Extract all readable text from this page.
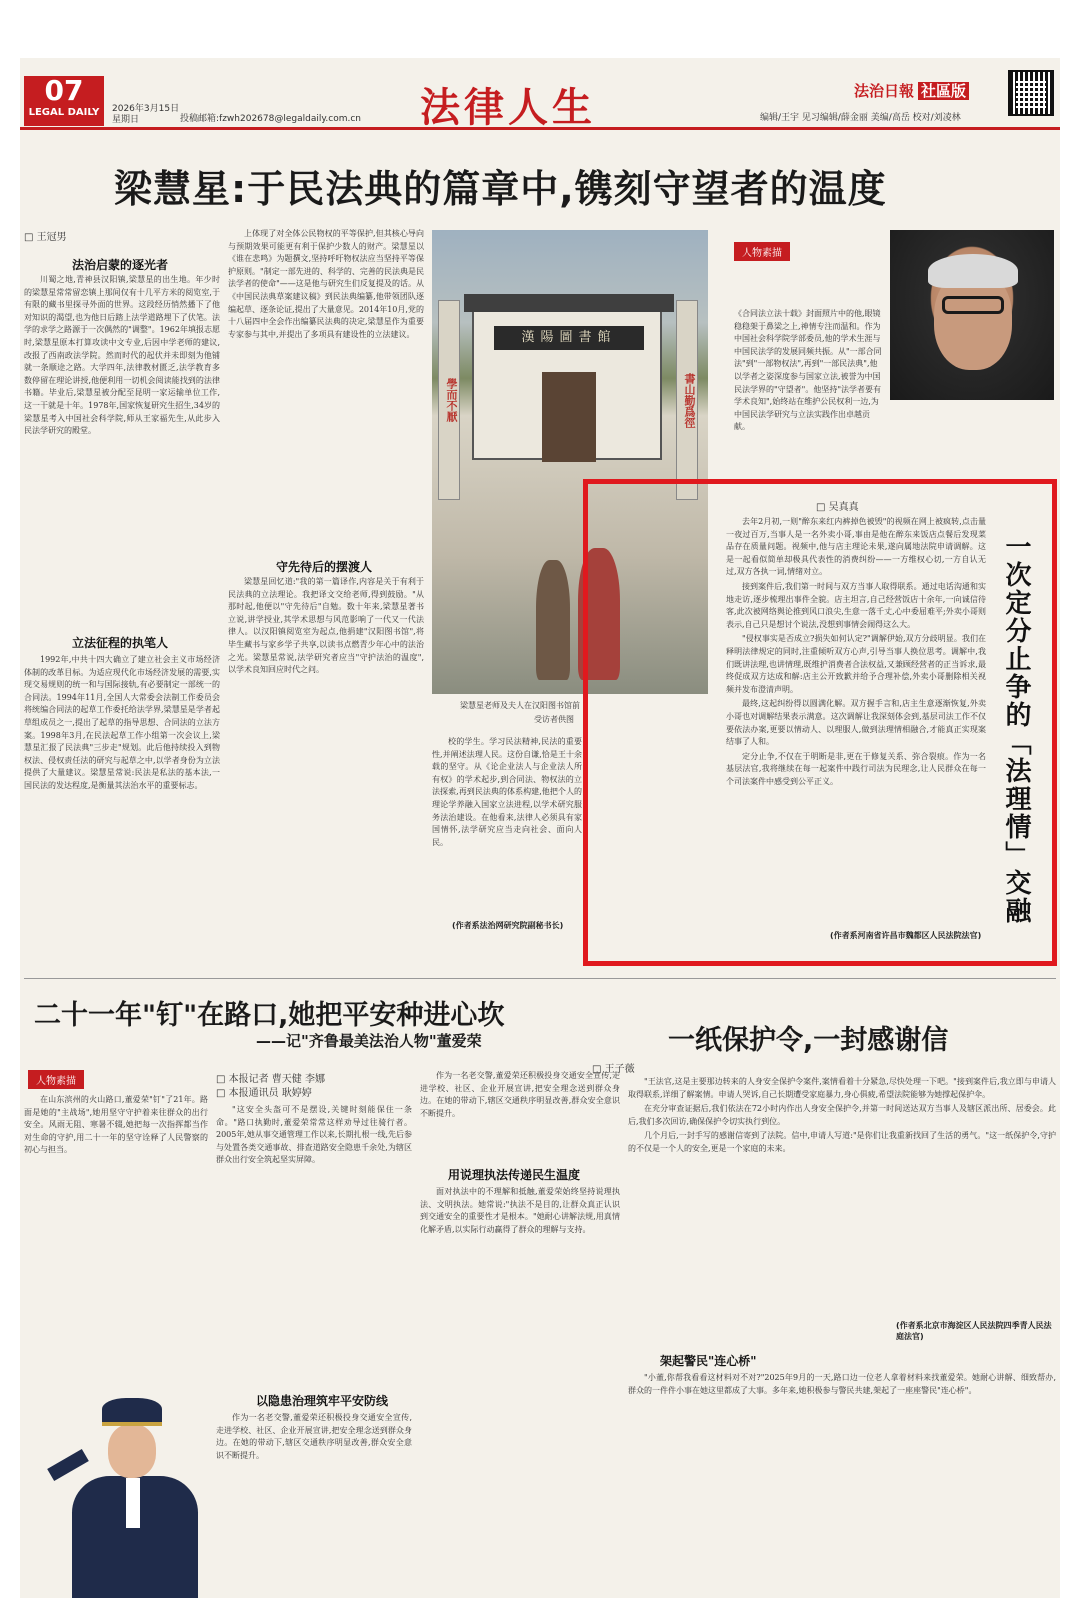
07
LEGAL DAILY	2026年3月15日
星期日	投稿邮箱:fzwh202678@legaldaily.com.cn 法律人生	法治日報 社區版
编辑/王宇 见习编辑/薛金丽 美编/高岳 校对/刘凌林
梁慧星:于民法典的篇章中,镌刻守望者的温度
□ 王冠男
法治启蒙的逐光者

川蜀之地,青神县汉阳镇,梁慧星的出生地。年少时的梁慧星常常留恋镇上那间仅有十几平方米的阅览室,于有限的藏书里探寻外面的世界。这段经历悄然播下了他对知识的渴望,也为他日后踏上法学道路埋下了伏笔。法学的求学之路源于一次偶然的"调整"。1962年填报志愿时,梁慧星原本打算攻读中文专业,后因中学老师的建议,改报了西南政法学院。然而时代的起伏并未即刻为他铺就一条顺途之路。大学四年,法律教材匮乏,法学教育多数停留在理论讲授,他便利用一切机会阅读能找到的法律书籍。毕业后,梁慧星被分配至昆明一家运输单位工作,这一干就是十年。1978年,国家恢复研究生招生,34岁的梁慧星考入中国社会科学院,师从王家福先生,从此步入民法学研究的殿堂。

立法征程的执笔人

1992年,中共十四大确立了建立社会主义市场经济体制的改革目标。为适应现代化市场经济发展的需要,实现交易规则的统一和与国际接轨,有必要制定一部统一的合同法。1994年11月,全国人大常委会法制工作委员会将统编合同法的起草工作委托给法学界,梁慧星是学者起草组成员之一,提出了起草的指导思想、合同法的立法方案。1998年3月,在民法起草工作小组第一次会议上,梁慧星汇报了民法典"三步走"规划。此后他持续投入到物权法、侵权责任法的研究与起草之中,以学者身份为立法提供了大量建议。梁慧星常说:民法是私法的基本法,一国民法的发达程度,是衡量其法治水平的重要标志。

上体现了对全体公民物权的平等保护,但其核心导向与预期效果可能更有利于保护少数人的财产。梁慧星以《谁在悲鸣》为题撰文,坚持呼吁物权法应当坚持平等保护原则。"制定一部先进的、科学的、完善的民法典是民法学者的使命"——这是他与研究生们反复提及的话。从《中国民法典草案建议稿》到民法典编纂,他带领团队逐编起草、逐条论证,提出了大量意见。2014年10月,党的十八届四中全会作出编纂民法典的决定,梁慧星作为重要专家参与其中,并提出了多项具有建设性的立法建议。

守先待后的摆渡人

梁慧星回忆道:"我的第一篇译作,内容是关于有利于民法典的立法理论。我把译文交给老师,得到鼓励。"从那时起,他便以"守先待后"自勉。数十年来,梁慧星著书立说,讲学授业,其学术思想与风范影响了一代又一代法律人。以汉阳镇阅览室为起点,他捐建"汉阳图书馆",将毕生藏书与家乡学子共享,以读书点燃青少年心中的法治之光。梁慧星常说,法学研究者应当"守护法治的温度",以学术良知回应时代之问。

校的学生。学习民法精神,民法的重要性,并阐述法理人民。这份自谦,恰是王十余载的坚守。从《论企业法人与企业法人所有权》的学术起步,到合同法、物权法的立法探索,再到民法典的体系构建,他把个人的理论学养融入国家立法进程,以学术研究服务法治建设。在他看来,法律人必须具有家国情怀,法学研究应当走向社会、面向人民。

(作者系法治网研究院副秘书长)
漢陽圖書館
學而不厭	書山勤爲徑
梁慧星老师及夫人在汉阳图书馆前
受访者供图
人物素描

《合同法立法十载》封面照片中的他,眼镜稳稳架于鼻梁之上,神情专注而温和。作为中国社会科学院学部委员,他的学术生涯与中国民法学的发展同频共振。从"一部合同法"到"一部物权法",再到"一部民法典",他以学者之姿深度参与国家立法,被誉为中国民法学界的"守望者"。他坚持"法学者要有学术良知",始终站在维护公民权利一边,为中国民法学研究与立法实践作出卓越贡献。

一次定分止争的「法理情」交融
□ 吴真真

去年2月初,一则"醉东来红内裤掉色被毁"的视频在网上被疯转,点击量一夜过百万,当事人是一名外卖小哥,事由是他在醉东来饭店点餐后发现菜品存在质量问题。视频中,他与店主理论未果,遂向属地法院申请调解。这是一起看似简单却极具代表性的消费纠纷——一方维权心切,一方自认无过,双方各执一词,情绪对立。

接到案件后,我们第一时间与双方当事人取得联系。通过电话沟通和实地走访,逐步梳理出事件全貌。店主坦言,自己经营饭店十余年,一向诚信待客,此次被网络舆论推到风口浪尖,生意一落千丈,心中委屈难平;外卖小哥则表示,自己只是想讨个说法,没想到事情会闹得这么大。

"侵权事实是否成立?损失如何认定?"调解伊始,双方分歧明显。我们在释明法律规定的同时,注重倾听双方心声,引导当事人换位思考。调解中,我们既讲法理,也讲情理,既维护消费者合法权益,又兼顾经营者的正当诉求,最终促成双方达成和解:店主公开致歉并给予合理补偿,外卖小哥删除相关视频并发布澄清声明。

最终,这起纠纷得以圆满化解。双方握手言和,店主生意逐渐恢复,外卖小哥也对调解结果表示满意。这次调解让我深刻体会到,基层司法工作不仅要依法办案,更要以情动人、以理服人,做到法理情相融合,才能真正实现案结事了人和。

定分止争,不仅在于明断是非,更在于修复关系、弥合裂痕。作为一名基层法官,我将继续在每一起案件中践行司法为民理念,让人民群众在每一个司法案件中感受到公平正义。

(作者系河南省许昌市魏都区人民法院法官)
二十一年"钉"在路口,她把平安种进心坎
——记"齐鲁最美法治人物"董爱荣
人物素描

在山东滨州的火山路口,董爱荣"钉"了21年。路面是她的"主战场",她用坚守守护着来往群众的出行安全。风雨无阻、寒暑不辍,她把每一次指挥都当作对生命的守护,用二十一年的坚守诠释了人民警察的初心与担当。

□ 本报记者 曹天健 李娜
□ 本报通讯员 耿婷婷

"这安全头盔可不是摆设,关键时刻能保住一条命。"路口执勤时,董爱荣常常这样劝导过往骑行者。2005年,她从事交通管理工作以来,长期扎根一线,先后参与处置各类交通事故、排查道路安全隐患千余处,为辖区群众出行安全筑起坚实屏障。

以隐患治理筑牢平安防线

作为一名老交警,董爱荣还积极投身交通安全宣传,走进学校、社区、企业开展宣讲,把安全理念送到群众身边。在她的带动下,辖区交通秩序明显改善,群众安全意识不断提升。

用说理执法传递民生温度

作为一名老交警,董爱荣还积极投身交通安全宣传,走进学校、社区、企业开展宣讲,把安全理念送到群众身边。在她的带动下,辖区交通秩序明显改善,群众安全意识不断提升。

面对执法中的不理解和抵触,董爱荣始终坚持说理执法、文明执法。她常说:"执法不是目的,让群众真正认识到交通安全的重要性才是根本。"她耐心讲解法规,用真情化解矛盾,以实际行动赢得了群众的理解与支持。

一纸保护令,一封感谢信
□ 王子薇

"王法官,这是主要那边转来的人身安全保护令案件,案情看着十分紧急,尽快处理一下吧。"接到案件后,我立即与申请人取得联系,详细了解案情。申请人哭诉,自己长期遭受家庭暴力,身心俱疲,希望法院能够为她撑起保护伞。

在充分审查证据后,我们依法在72小时内作出人身安全保护令,并第一时间送达双方当事人及辖区派出所、居委会。此后,我们多次回访,确保保护令切实执行到位。

几个月后,一封手写的感谢信寄到了法院。信中,申请人写道:"是你们让我重新找回了生活的勇气。"这一纸保护令,守护的不仅是一个人的安全,更是一个家庭的未来。

(作者系北京市海淀区人民法院四季青人民法庭法官)
架起警民"连心桥"

"小董,你帮我看看这材料对不对?"2025年9月的一天,路口边一位老人拿着材料来找董爱荣。她耐心讲解、细致帮办,群众的一件件小事在她这里都成了大事。多年来,她积极参与警民共建,架起了一座座警民"连心桥"。
